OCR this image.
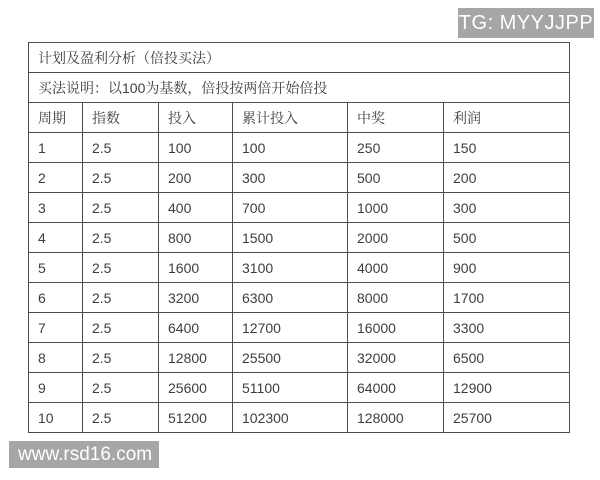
TG: MYYJJPP
计划及盈利分析（倍投买法）					
买法说明：以100为基数，倍投按两倍开始倍投					
周期	指数	投入	累计投入	中奖	利润
1	2.5	100	100	250	150
2	2.5	200	300	500	200
3	2.5	400	700	1000	300
4	2.5	800	1500	2000	500
5	2.5	1600	3100	4000	900
6	2.5	3200	6300	8000	1700
7	2.5	6400	12700	16000	3300
8	2.5	12800	25500	32000	6500
9	2.5	25600	51100	64000	12900
10	2.5	51200	102300	128000	25700
www.rsd16.com
